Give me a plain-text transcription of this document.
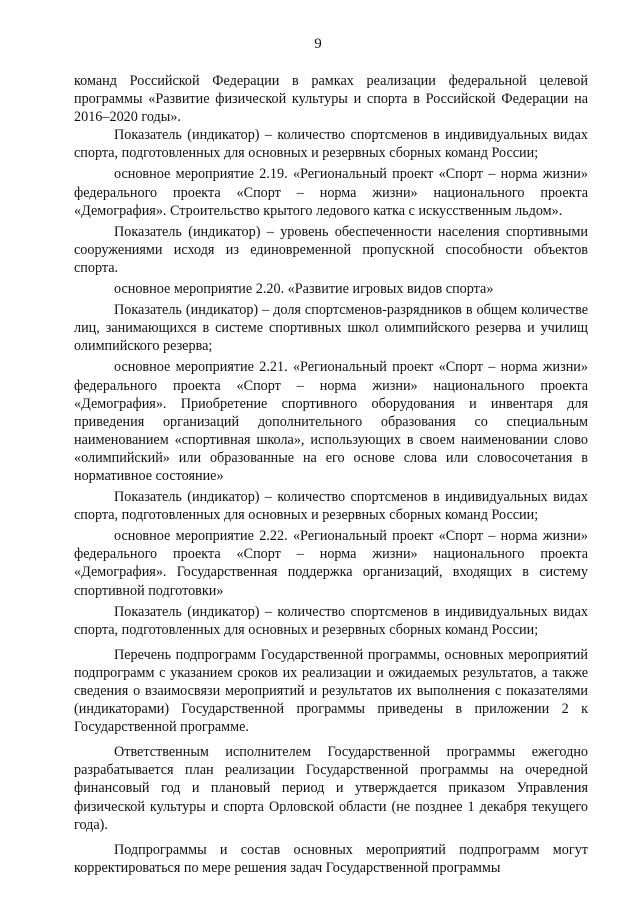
9

команд Российской Федерации в рамках реализации федеральной целевой программы «Развитие физической культуры и спорта в Российской Федерации на 2016–2020 годы».

Показатель (индикатор) – количество спортсменов в индивидуальных видах спорта, подготовленных для основных и резервных сборных команд России;

основное мероприятие 2.19. «Региональный проект «Спорт – норма жизни» федерального проекта «Спорт – норма жизни» национального проекта «Демография». Строительство крытого ледового катка с искусственным льдом».

Показатель (индикатор) – уровень обеспеченности населения спортивными сооружениями исходя из единовременной пропускной способности объектов спорта.

основное мероприятие 2.20. «Развитие игровых видов спорта»

Показатель (индикатор) – доля спортсменов-разрядников в общем количестве лиц, занимающихся в системе спортивных школ олимпийского резерва и училищ олимпийского резерва;

основное мероприятие 2.21. «Региональный проект «Спорт – норма жизни» федерального проекта «Спорт – норма жизни» национального проекта «Демография». Приобретение спортивного оборудования и инвентаря для приведения организаций дополнительного образования со специальным наименованием «спортивная школа», использующих в своем наименовании слово «олимпийский» или образованные на его основе слова или словосочетания в нормативное состояние»

Показатель (индикатор) – количество спортсменов в индивидуальных видах спорта, подготовленных для основных и резервных сборных команд России;

основное мероприятие 2.22. «Региональный проект «Спорт – норма жизни» федерального проекта «Спорт – норма жизни» национального проекта «Демография». Государственная поддержка организаций, входящих в систему спортивной подготовки»

Показатель (индикатор) – количество спортсменов в индивидуальных видах спорта, подготовленных для основных и резервных сборных команд России;

Перечень подпрограмм Государственной программы, основных мероприятий подпрограмм с указанием сроков их реализации и ожидаемых результатов, а также сведения о взаимосвязи мероприятий и результатов их выполнения с показателями (индикаторами) Государственной программы приведены в приложении 2 к Государственной программе.

Ответственным исполнителем Государственной программы ежегодно разрабатывается план реализации Государственной программы на очередной финансовый год и плановый период и утверждается приказом Управления физической культуры и спорта Орловской области (не позднее 1 декабря текущего года).

Подпрограммы и состав основных мероприятий подпрограмм могут корректироваться по мере решения задач Государственной программы
